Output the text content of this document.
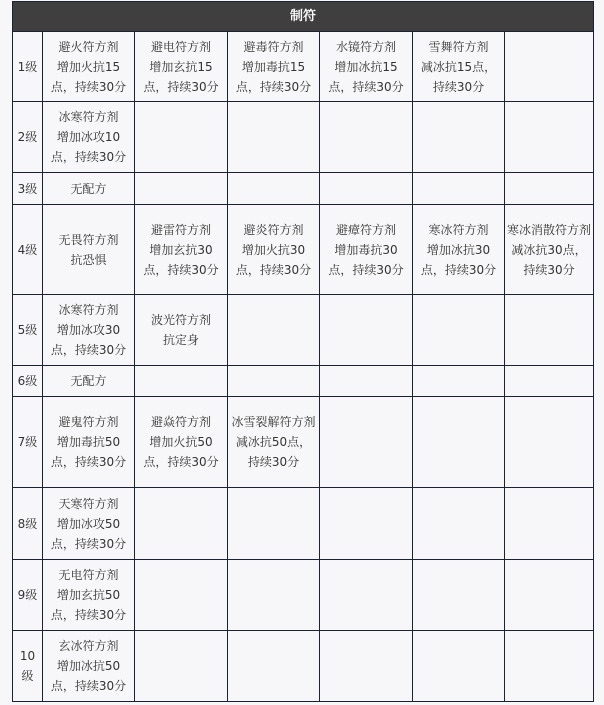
制符						
1级	避火符方剂
增加火抗15
点，持续30分	避电符方剂
增加玄抗15
点，持续30分	避毒符方剂
增加毒抗15
点，持续30分	水镜符方剂
增加冰抗15
点，持续30分	雪舞符方剂
减冰抗15点，
持续30分	

2级	冰寒符方剂
增加冰攻10
点，持续30分					

3级	无配方					

4级	无畏符方剂
抗恐惧	避雷符方剂
增加玄抗30
点，持续30分	避炎符方剂
增加火抗30
点，持续30分	避瘴符方剂
增加毒抗30
点，持续30分	寒冰符方剂
增加冰抗30
点，持续30分	寒冰消散符方剂
减冰抗30点，
持续30分

5级	冰寒符方剂
增加冰攻30
点，持续30分	波光符方剂
抗定身				

6级	无配方					

7级	避鬼符方剂
增加毒抗50
点，持续30分	避焱符方剂
增加火抗50
点，持续30分	冰雪裂解符方剂
减冰抗50点，
持续30分			

8级	天寒符方剂
增加冰攻50
点，持续30分					

9级	无电符方剂
增加玄抗50
点，持续30分					

10级	玄冰符方剂
增加冰抗50
点，持续30分					
